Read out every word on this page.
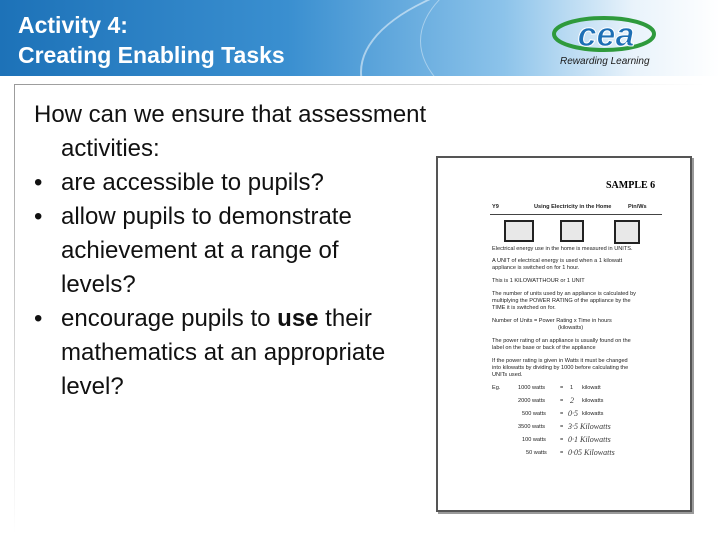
Activity 4:
Creating Enabling Tasks
cea
Rewarding Learning
How can we ensure that assessment
activities:
• are accessible to pupils?
• allow pupils to demonstrate
achievement at a range of
levels?
• encourage pupils to use their
mathematics at an appropriate
level?
SAMPLE 6
Y9	Using Electricity in the Home	Pin/Ws
Electrical energy use in the home is measured in UNITS.
A UNIT of electrical energy is used when a 1 kilowatt
appliance is switched on for 1 hour.
This is 1 KILOWATTHOUR or 1 UNIT
The number of units used by an appliance is calculated by
multiplying the POWER RATING of the appliance by the
TIME it is switched on for.
Number of Units = Power Rating x Time in hours
(kilowatts)
The power rating of an appliance is usually found on the
label on the base or back of the appliance
If the power rating is given in Watts it must be changed
into kilowatts by dividing by 1000 before calculating the
UNITs used.
Eg.	1000 watts	= 1 kilowatt
2000 watts	= 2 kilowatts
500 watts	= 0·5 kilowatts
3500 watts	= 3·5 Kilowatts
100 watts	= 0·1 Kilowatts
50 watts = 0·05 Kilowatts
